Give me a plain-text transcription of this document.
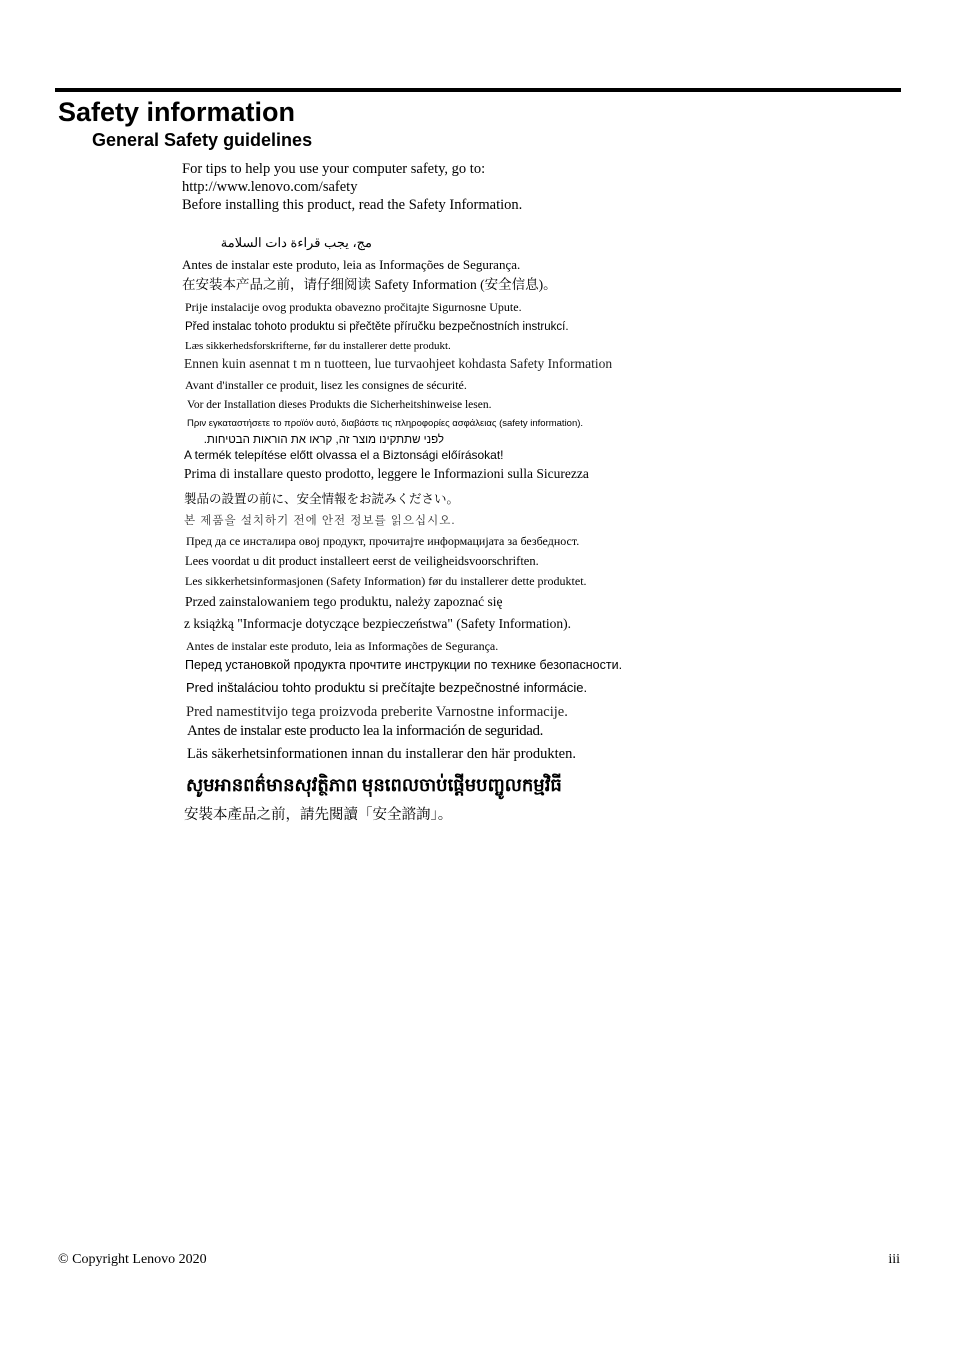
Safety information
General Safety guidelines
For tips to help you use your computer safety, go to:
http://www.lenovo.com/safety
Before installing this product, read the Safety Information.
مج، يجب قراءة دات السلامة
Antes de instalar este produto, leia as Informações de Segurança.
在安装本产品之前，请仔细阅读 Safety Information (安全信息)。
Prije instalacije ovog produkta obavezno pročitajte Sigurnosne Upute.
Před instalac tohoto produktu si přečtěte příručku bezpečnostních instrukcí.
Læs sikkerhedsforskrifterne, før du installerer dette produkt.
Ennen kuin asennat t m n tuotteen, lue turvaohjeet kohdasta Safety Information
Avant d'installer ce produit, lisez les consignes de sécurité.
Vor der Installation dieses Produkts die Sicherheitshinweise lesen.
Πριν εγκαταστήσετε το προϊόν αυτό, διαβάστε τις πληροφορίες ασφάλειας (safety information).
לפני שתתקינו מוצר זה, קראו את הוראות הבטיחות.
A termék telepítése előtt olvassa el a Biztonsági előírásokat!
Prima di installare questo prodotto, leggere le Informazioni sulla Sicurezza
製品の設置の前に、安全情報をお読みください。
본 제품을 설치하기 전에 안전 정보를 읽으십시오.
Пред да се инсталира овој продукт, прочитајте информацијата за безбедност.
Lees voordat u dit product installeert eerst de veiligheidsvoorschriften.
Les sikkerhetsinformasjonen (Safety Information) før du installerer dette produktet.
Przed zainstalowaniem tego produktu, należy zapoznać się
z książką "Informacje dotyczące bezpieczeństwa" (Safety Information).
Antes de instalar este produto, leia as Informações de Segurança.
Перед установкой продукта прочтите инструкции по технике безопасности.
Pred inštaláciou tohto produktu si prečítajte bezpečnostné informácie.
Pred namestitvijo tega proizvoda preberite Varnostne informacije.
Antes de instalar este producto lea la información de seguridad.
Läs säkerhetsinformationen innan du installerar den här produkten.
សូមអានពត៌មានសុវត្ថិភាព មុនពេលចាប់ផ្តើមបញ្ចូលកម្មវិធី
安裝本產品之前，請先閱讀「安全諮詢」。
© Copyright Lenovo 2020	iii
